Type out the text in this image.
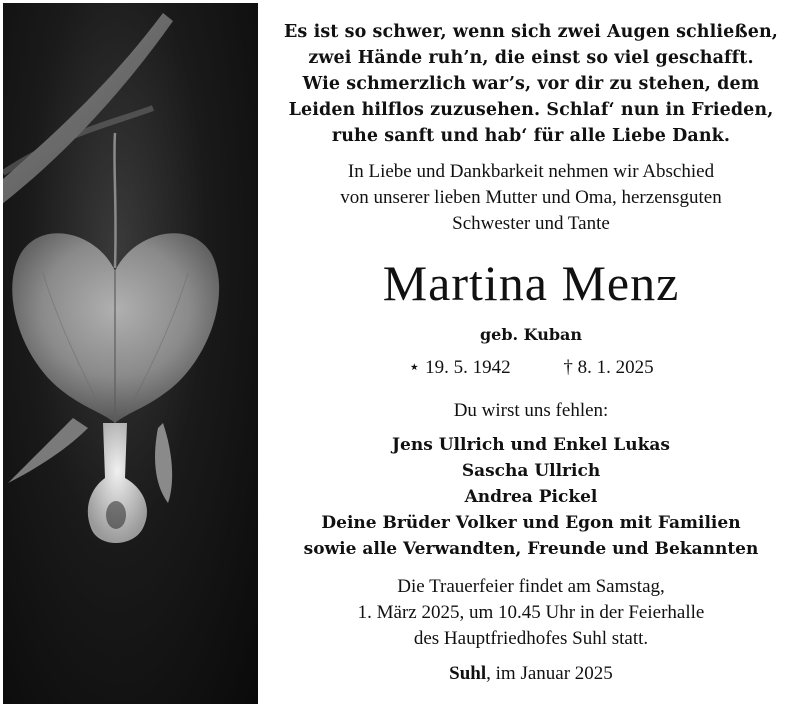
Es ist so schwer, wenn sich zwei Augen schließen,
zwei Hände ruh’n, die einst so viel geschafft.
Wie schmerzlich war’s, vor dir zu stehen, dem
Leiden hilflos zuzusehen. Schlaf‘ nun in Frieden,
ruhe sanft und hab‘ für alle Liebe Dank.
In Liebe und Dankbarkeit nehmen wir Abschied
von unserer lieben Mutter und Oma, herzensguten
Schwester und Tante
Martina Menz
geb. Kuban
⋆ 19. 5. 1942	† 8. 1. 2025
Du wirst uns fehlen:
Jens Ullrich und Enkel Lukas
Sascha Ullrich
Andrea Pickel
Deine Brüder Volker und Egon mit Familien
sowie alle Verwandten, Freunde und Bekannten
Die Trauerfeier findet am Samstag,
1. März 2025, um 10.45 Uhr in der Feierhalle
des Hauptfriedhofes Suhl statt.
Suhl, im Januar 2025
